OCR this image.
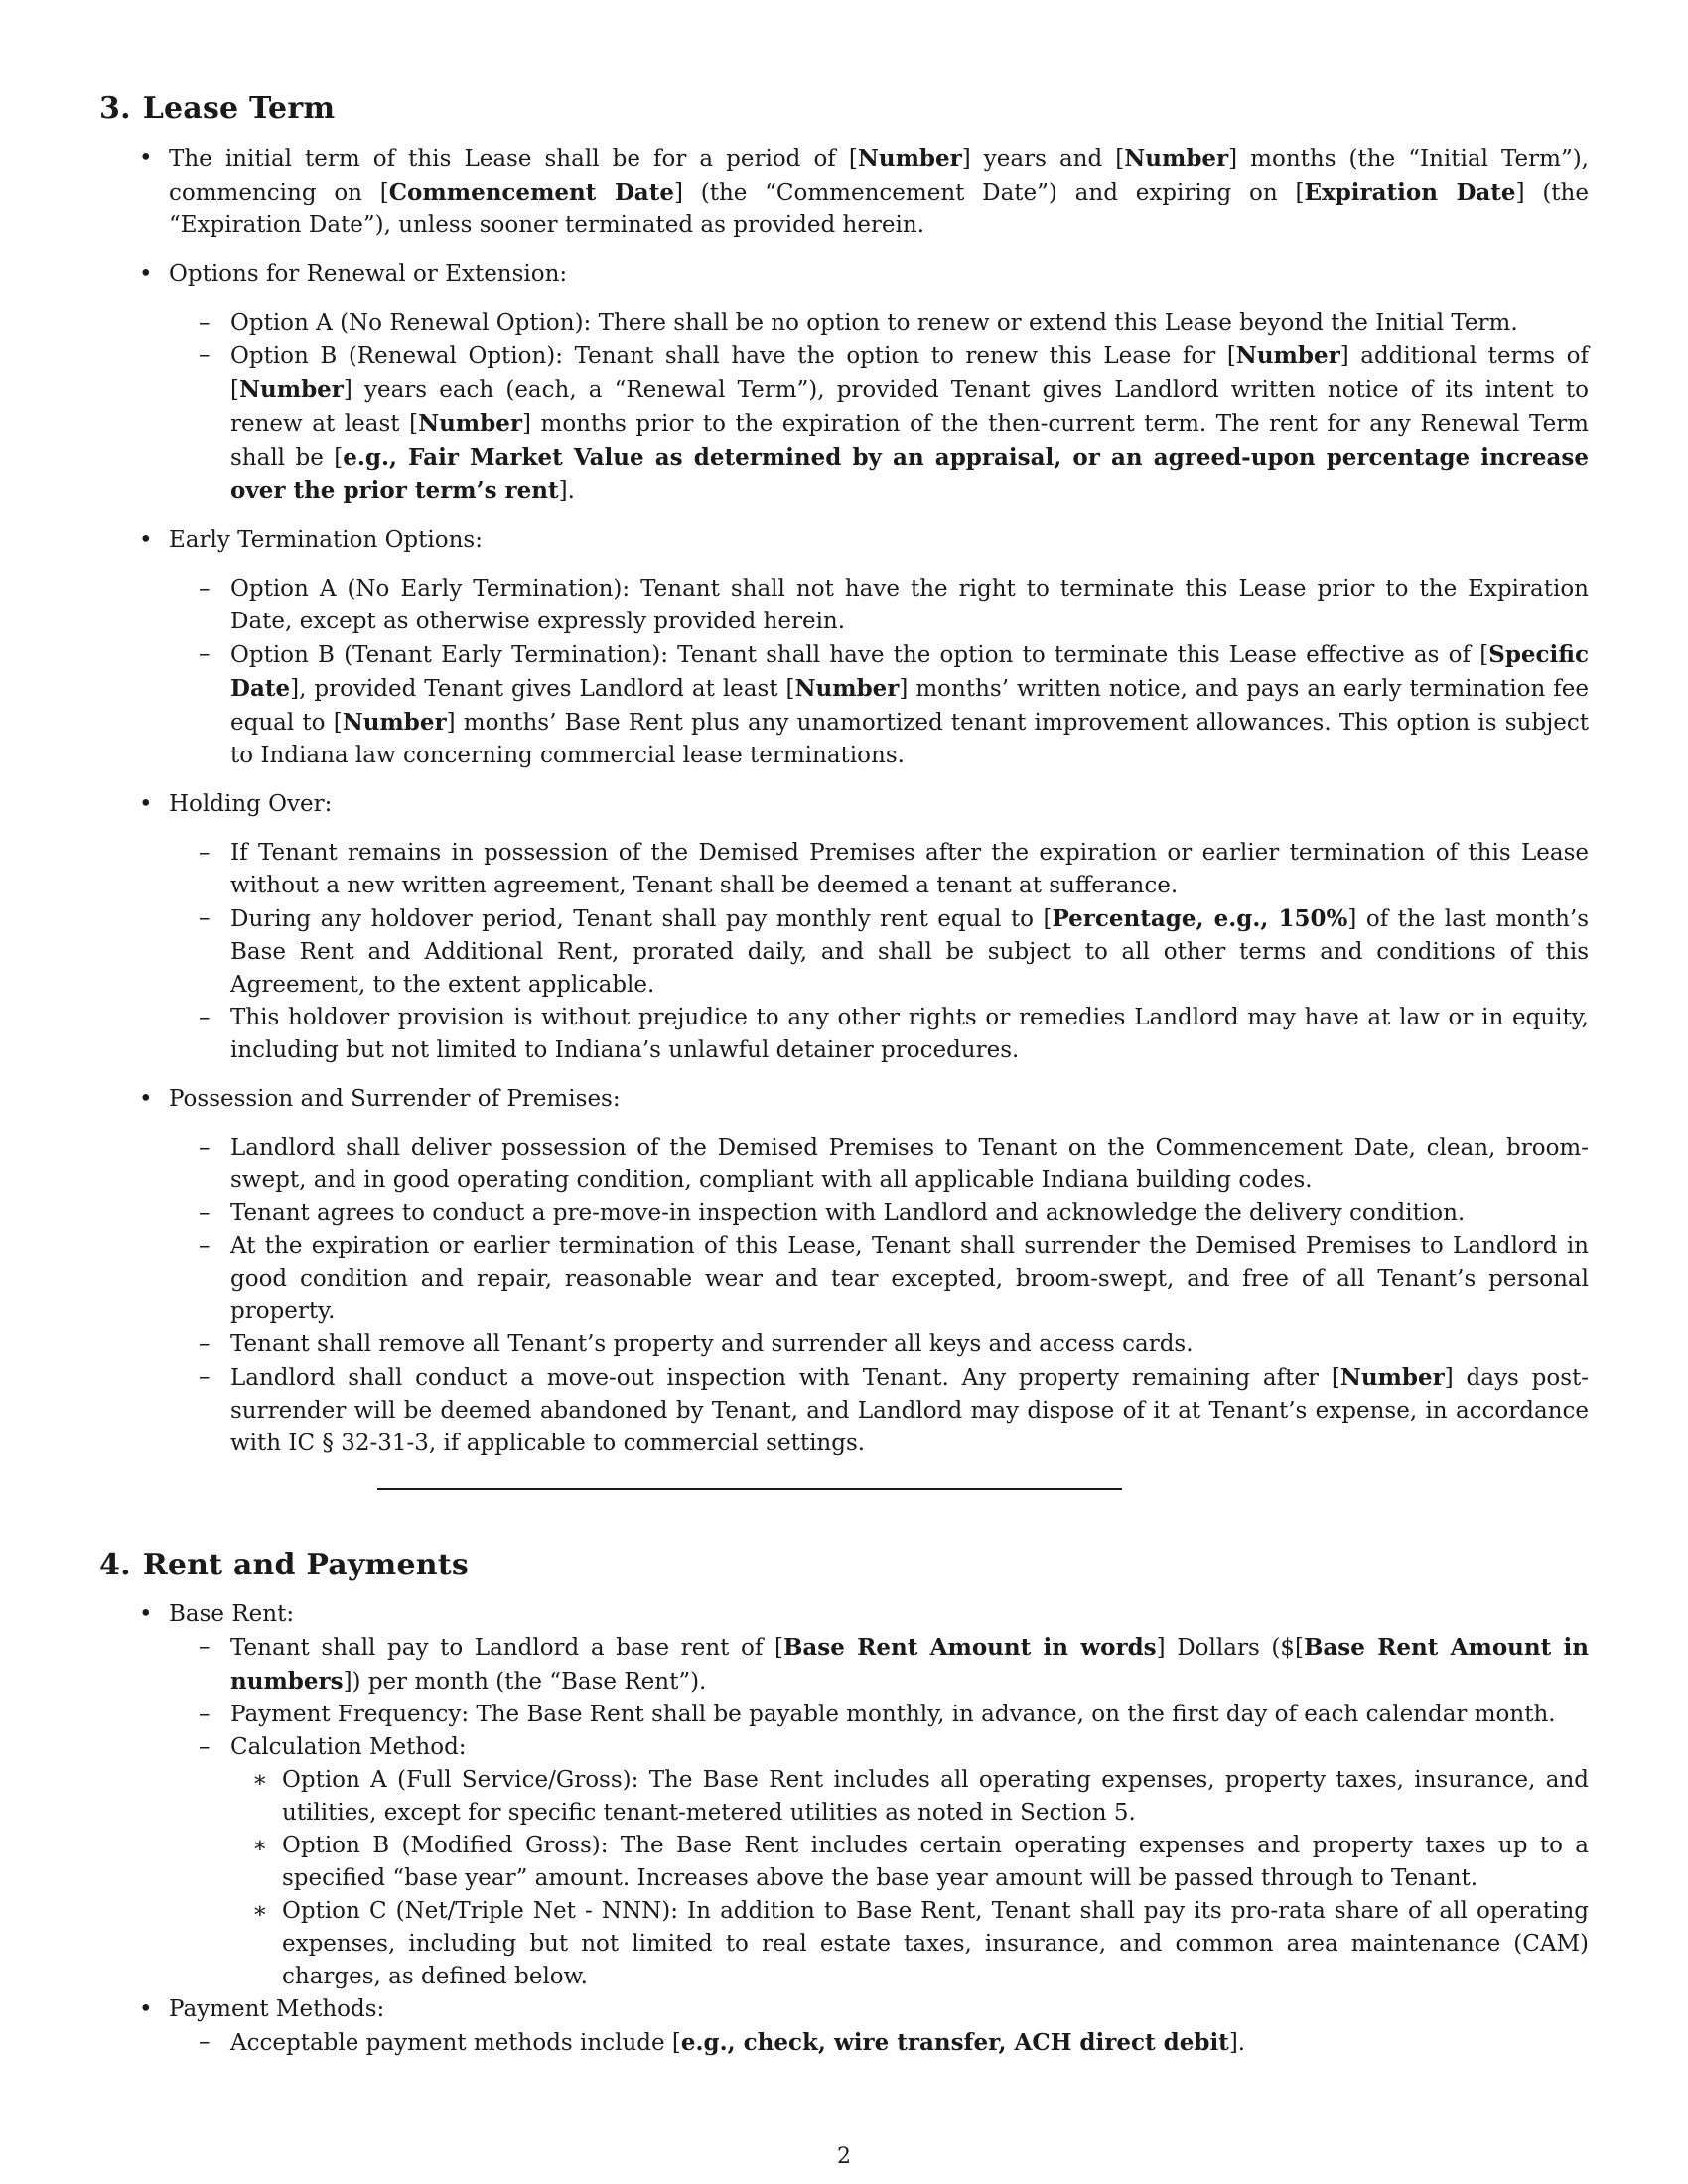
3. Lease Term
• The initial term of this Lease shall be for a period of [Number] years and [Number] months (the “Initial Term”), commencing on [Commencement Date] (the “Commencement Date”) and expiring on [Expiration Date] (the “Expiration Date”), unless sooner terminated as provided herein.
• Options for Renewal or Extension:
– Option A (No Renewal Option): There shall be no option to renew or extend this Lease beyond the Initial Term.
– Option B (Renewal Option): Tenant shall have the option to renew this Lease for [Number] additional terms of [Number] years each (each, a “Renewal Term”), provided Tenant gives Landlord written notice of its intent to renew at least [Number] months prior to the expiration of the then-current term. The rent for any Renewal Term shall be [e.g., Fair Market Value as determined by an appraisal, or an agreed-upon percentage increase over the prior term’s rent].
• Early Termination Options:
– Option A (No Early Termination): Tenant shall not have the right to terminate this Lease prior to the Expiration Date, except as otherwise expressly provided herein.
– Option B (Tenant Early Termination): Tenant shall have the option to terminate this Lease effective as of [Specific Date], provided Tenant gives Landlord at least [Number] months’ written notice, and pays an early termination fee equal to [Number] months’ Base Rent plus any unamortized tenant improvement allowances. This option is subject to Indiana law concerning commercial lease terminations.
• Holding Over:
– If Tenant remains in possession of the Demised Premises after the expiration or earlier termination of this Lease without a new written agreement, Tenant shall be deemed a tenant at sufferance.
– During any holdover period, Tenant shall pay monthly rent equal to [Percentage, e.g., 150%] of the last month’s Base Rent and Additional Rent, prorated daily, and shall be subject to all other terms and conditions of this Agreement, to the extent applicable.
– This holdover provision is without prejudice to any other rights or remedies Landlord may have at law or in equity, including but not limited to Indiana’s unlawful detainer procedures.
• Possession and Surrender of Premises:
– Landlord shall deliver possession of the Demised Premises to Tenant on the Commencement Date, clean, broom-swept, and in good operating condition, compliant with all applicable Indiana building codes.
– Tenant agrees to conduct a pre-move-in inspection with Landlord and acknowledge the delivery condition.
– At the expiration or earlier termination of this Lease, Tenant shall surrender the Demised Premises to Landlord in good condition and repair, reasonable wear and tear excepted, broom-swept, and free of all Tenant’s personal property.
– Tenant shall remove all Tenant’s property and surrender all keys and access cards.
– Landlord shall conduct a move-out inspection with Tenant. Any property remaining after [Number] days post-surrender will be deemed abandoned by Tenant, and Landlord may dispose of it at Tenant’s expense, in accordance with IC § 32-31-3, if applicable to commercial settings.
4. Rent and Payments
• Base Rent:
– Tenant shall pay to Landlord a base rent of [Base Rent Amount in words] Dollars ($[Base Rent Amount in numbers]) per month (the “Base Rent”).
– Payment Frequency: The Base Rent shall be payable monthly, in advance, on the first day of each calendar month.
– Calculation Method:
∗ Option A (Full Service/Gross): The Base Rent includes all operating expenses, property taxes, insurance, and utilities, except for specific tenant-metered utilities as noted in Section 5.
∗ Option B (Modified Gross): The Base Rent includes certain operating expenses and property taxes up to a specified “base year” amount. Increases above the base year amount will be passed through to Tenant.
∗ Option C (Net/Triple Net - NNN): In addition to Base Rent, Tenant shall pay its pro-rata share of all operating expenses, including but not limited to real estate taxes, insurance, and common area maintenance (CAM) charges, as defined below.
• Payment Methods:
– Acceptable payment methods include [e.g., check, wire transfer, ACH direct debit].
2
